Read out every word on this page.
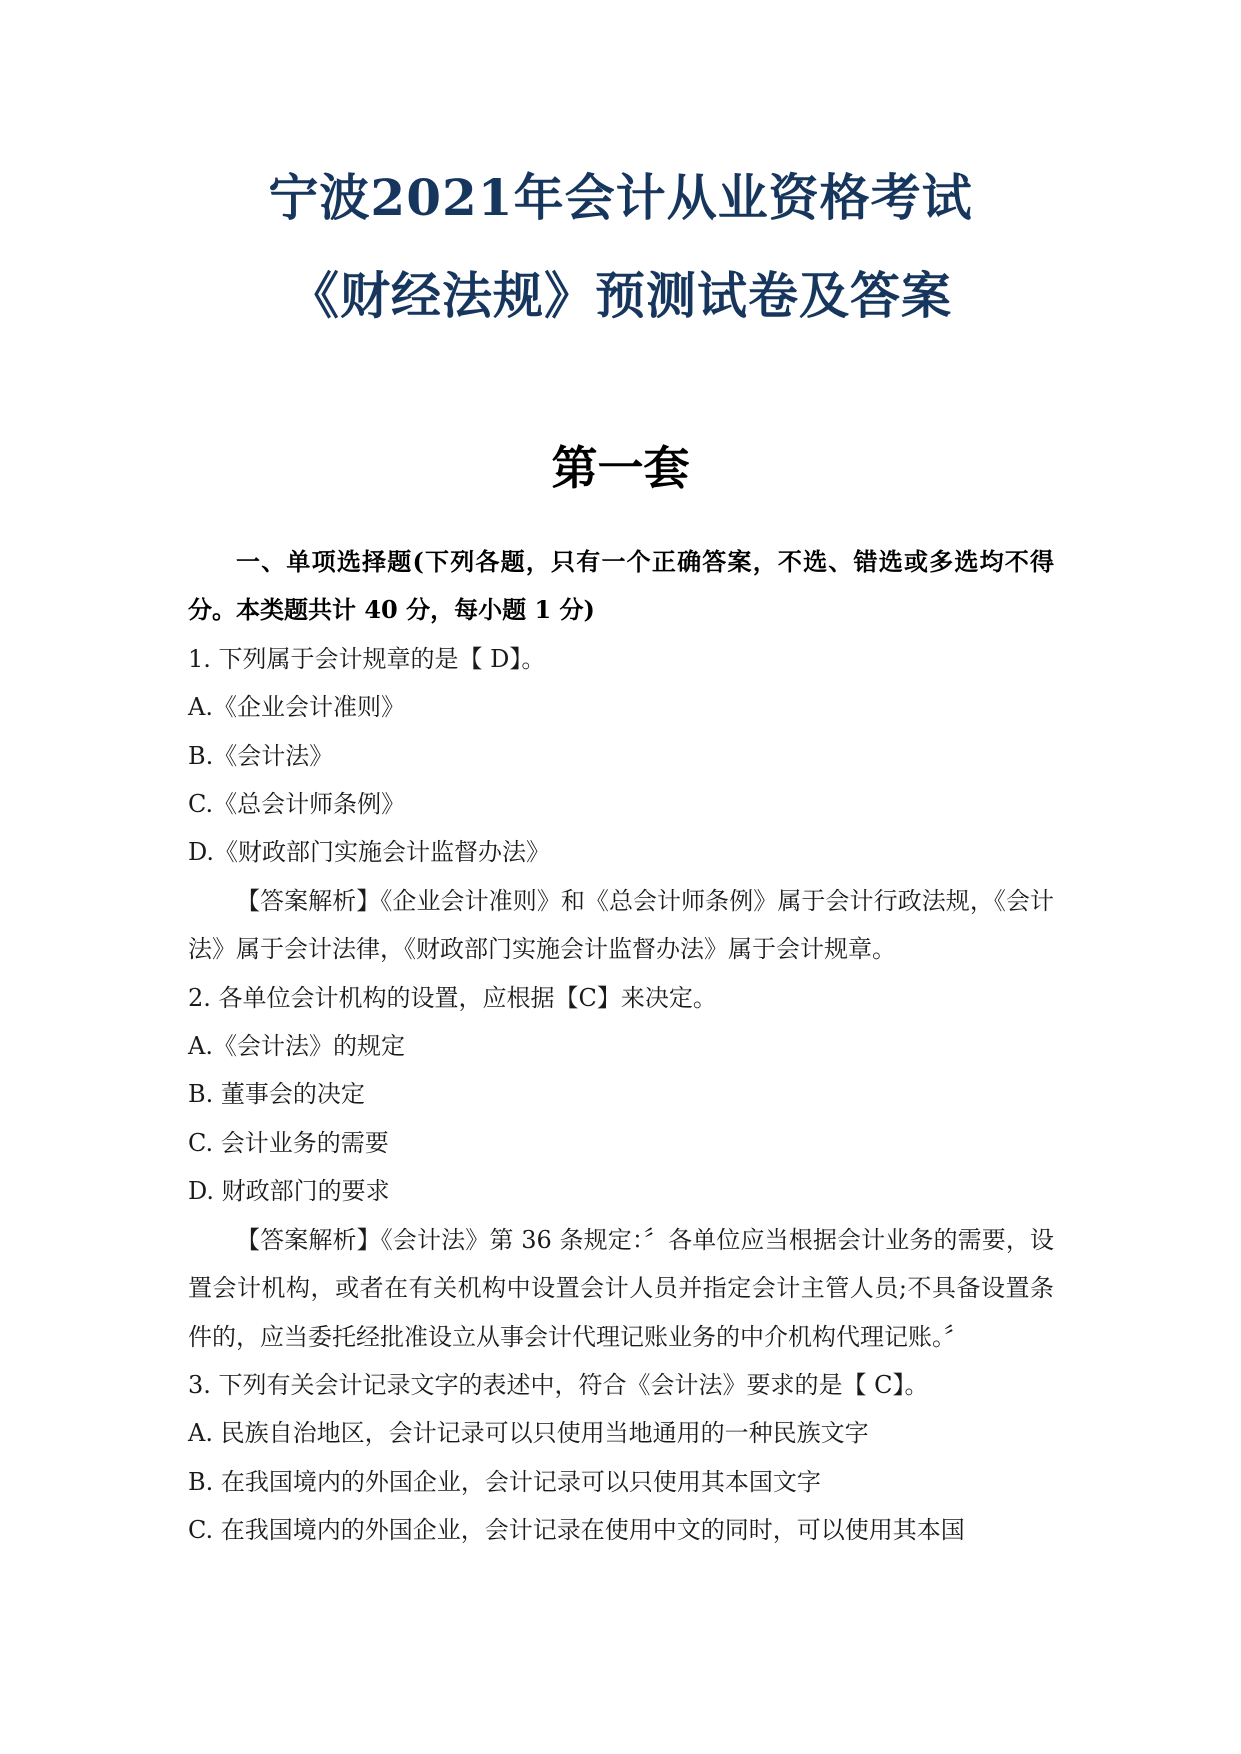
宁波2021年会计从业资格考试
《财经法规》预测试卷及答案
第一套

一、单项选择题(下列各题，只有一个正确答案，不选、错选或多选均不得分。本类题共计 40 分，每小题 1 分)

1. 下列属于会计规章的是【 D】。

A.《企业会计准则》

B.《会计法》

C.《总会计师条例》

D.《财政部门实施会计监督办法》

【答案解析】《企业会计准则》和《总会计师条例》属于会计行政法规，《会计法》属于会计法律，《财政部门实施会计监督办法》属于会计规章。

2. 各单位会计机构的设置，应根据【C】来决定。

A.《会计法》的规定

B. 董事会的决定

C. 会计业务的需要

D. 财政部门的要求

【答案解析】《会计法》第 36 条规定：〞各单位应当根据会计业务的需要，设置会计机构，或者在有关机构中设置会计人员并指定会计主管人员;不具备设置条件的，应当委托经批准设立从事会计代理记账业务的中介机构代理记账。〞

3. 下列有关会计记录文字的表述中，符合《会计法》要求的是【 C】。

A. 民族自治地区，会计记录可以只使用当地通用的一种民族文字

B. 在我国境内的外国企业，会计记录可以只使用其本国文字

C. 在我国境内的外国企业，会计记录在使用中文的同时，可以使用其本国
